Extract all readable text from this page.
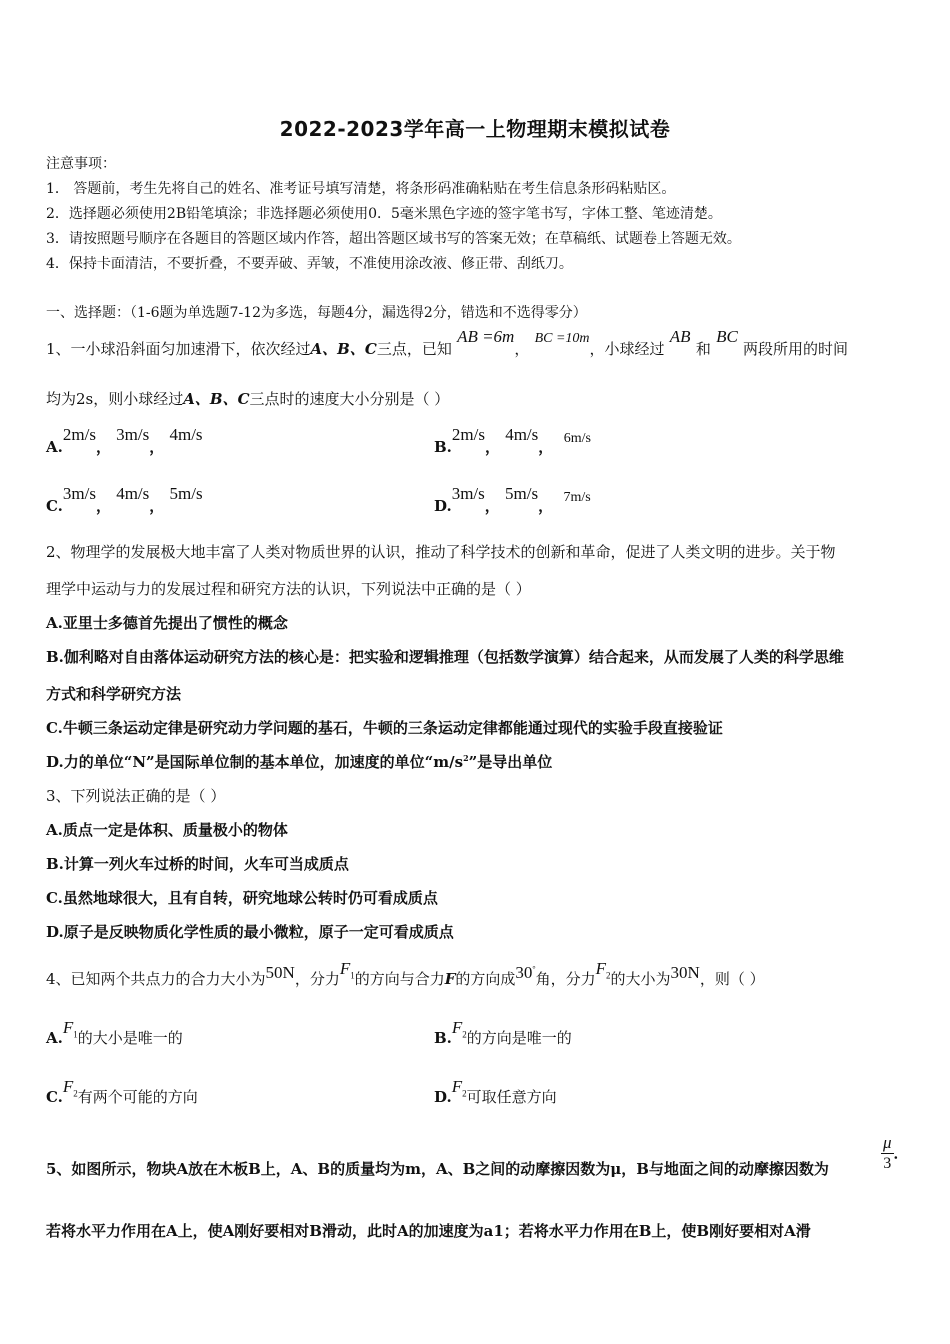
2022-2023学年高一上物理期末模拟试卷
注意事项：
1． 答题前，考生先将自己的姓名、准考证号填写清楚，将条形码准确粘贴在考生信息条形码粘贴区。
2．选择题必须使用2B铅笔填涂；非选择题必须使用0．5毫米黑色字迹的签字笔书写，字体工整、笔迹清楚。
3．请按照题号顺序在各题目的答题区域内作答，超出答题区域书写的答案无效；在草稿纸、试题卷上答题无效。
4．保持卡面清洁，不要折叠，不要弄破、弄皱，不准使用涂改液、修正带、刮纸刀。
一、选择题：（1-6题为单选题7-12为多选，每题4分，漏选得2分，错选和不选得零分）
1、一小球沿斜面匀加速滑下，依次经过A、B、C三点，已知 AB =6m， BC =10m，小球经过 AB 和 BC 两段所用的时间
均为2s，则小球经过A、B、C三点时的速度大小分别是（ ）
A.2m/s， 3m/s， 4m/s
B.2m/s， 4m/s，  6m/s
C.3m/s， 4m/s， 5m/s
D.3m/s， 5m/s，  7m/s
2、物理学的发展极大地丰富了人类对物质世界的认识，推动了科学技术的创新和革命，促进了人类文明的进步。关于物
理学中运动与力的发展过程和研究方法的认识，下列说法中正确的是（ ）
A.亚里士多德首先提出了惯性的概念
B.伽利略对自由落体运动研究方法的核心是：把实验和逻辑推理（包括数学演算）结合起来，从而发展了人类的科学思维
方式和科学研究方法
C.牛顿三条运动定律是研究动力学问题的基石，牛顿的三条运动定律都能通过现代的实验手段直接验证
D.力的单位“N”是国际单位制的基本单位，加速度的单位“$m/s^2$”是导出单位
3、下列说法正确的是（ ）
A.质点一定是体积、质量极小的物体
B.计算一列火车过桥的时间，火车可当成质点
C.虽然地球很大，且有自转，研究地球公转时仍可看成质点
D.原子是反映物质化学性质的最小微粒，原子一定可看成质点
4、已知两个共点力的合力大小为50N，分力$F_1$的方向与合力F的方向成30°角，分力$F_2$的大小为30N，则（ ）
$A.F_1$的大小是唯一的	$B.F_2$的方向是唯一的
$C.F_2$有两个可能的方向	$D.F_2$可取任意方向
5、如图所示，物块A放在木板B上，A、B的质量均为m，A、B之间的动摩擦因数为μ，B与地面之间的动摩擦因数为	$\frac{\mu}{3}$ ．
若将水平力作用在A上，使A刚好要相对B滑动，此时A的加速度为a1；若将水平力作用在B上，使B刚好要相对A滑
